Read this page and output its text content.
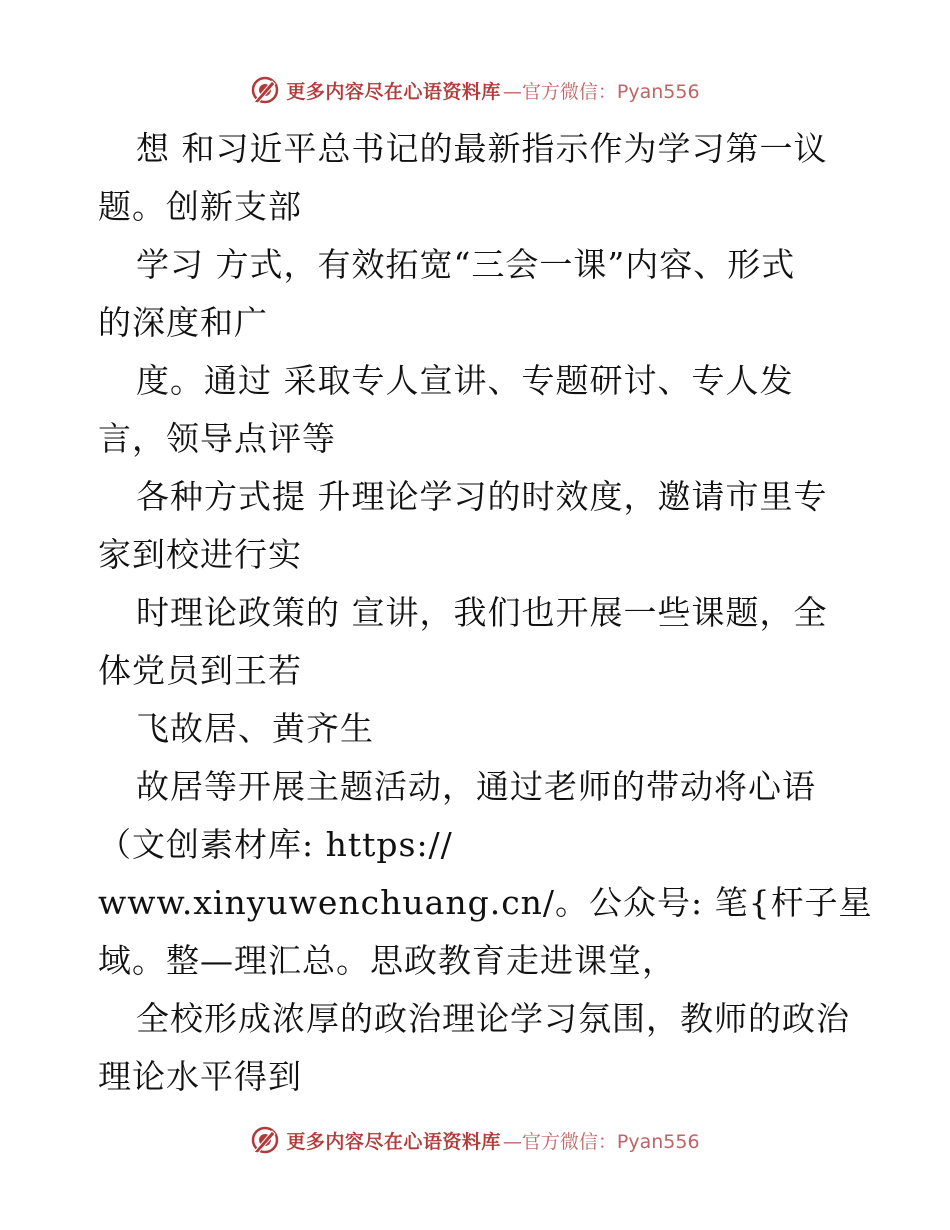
更多内容尽在心语资料库 —官方微信：Pyan556
想 和习近平总书记的最新指示作为学习第一议
题。创新支部
学习 方式，有效拓宽“三会一课”内容、形式
的深度和广
度。通过 采取专人宣讲、专题研讨、专人发
言，领导点评等
各种方式提 升理论学习的时效度，邀请市里专
家到校进行实
时理论政策的 宣讲，我们也开展一些课题，全
体党员到王若
飞故居、黄齐生
故居等开展主题活动，通过老师的带动将心语
（文创素材库: https://
www.xinyuwenchuang.cn/。公众号: 笔{杆子星
域。整—理汇总。思政教育走进课堂，
全校形成浓厚的政治理论学习氛围，教师的政治
理论水平得到
更多内容尽在心语资料库 —官方微信：Pyan556
